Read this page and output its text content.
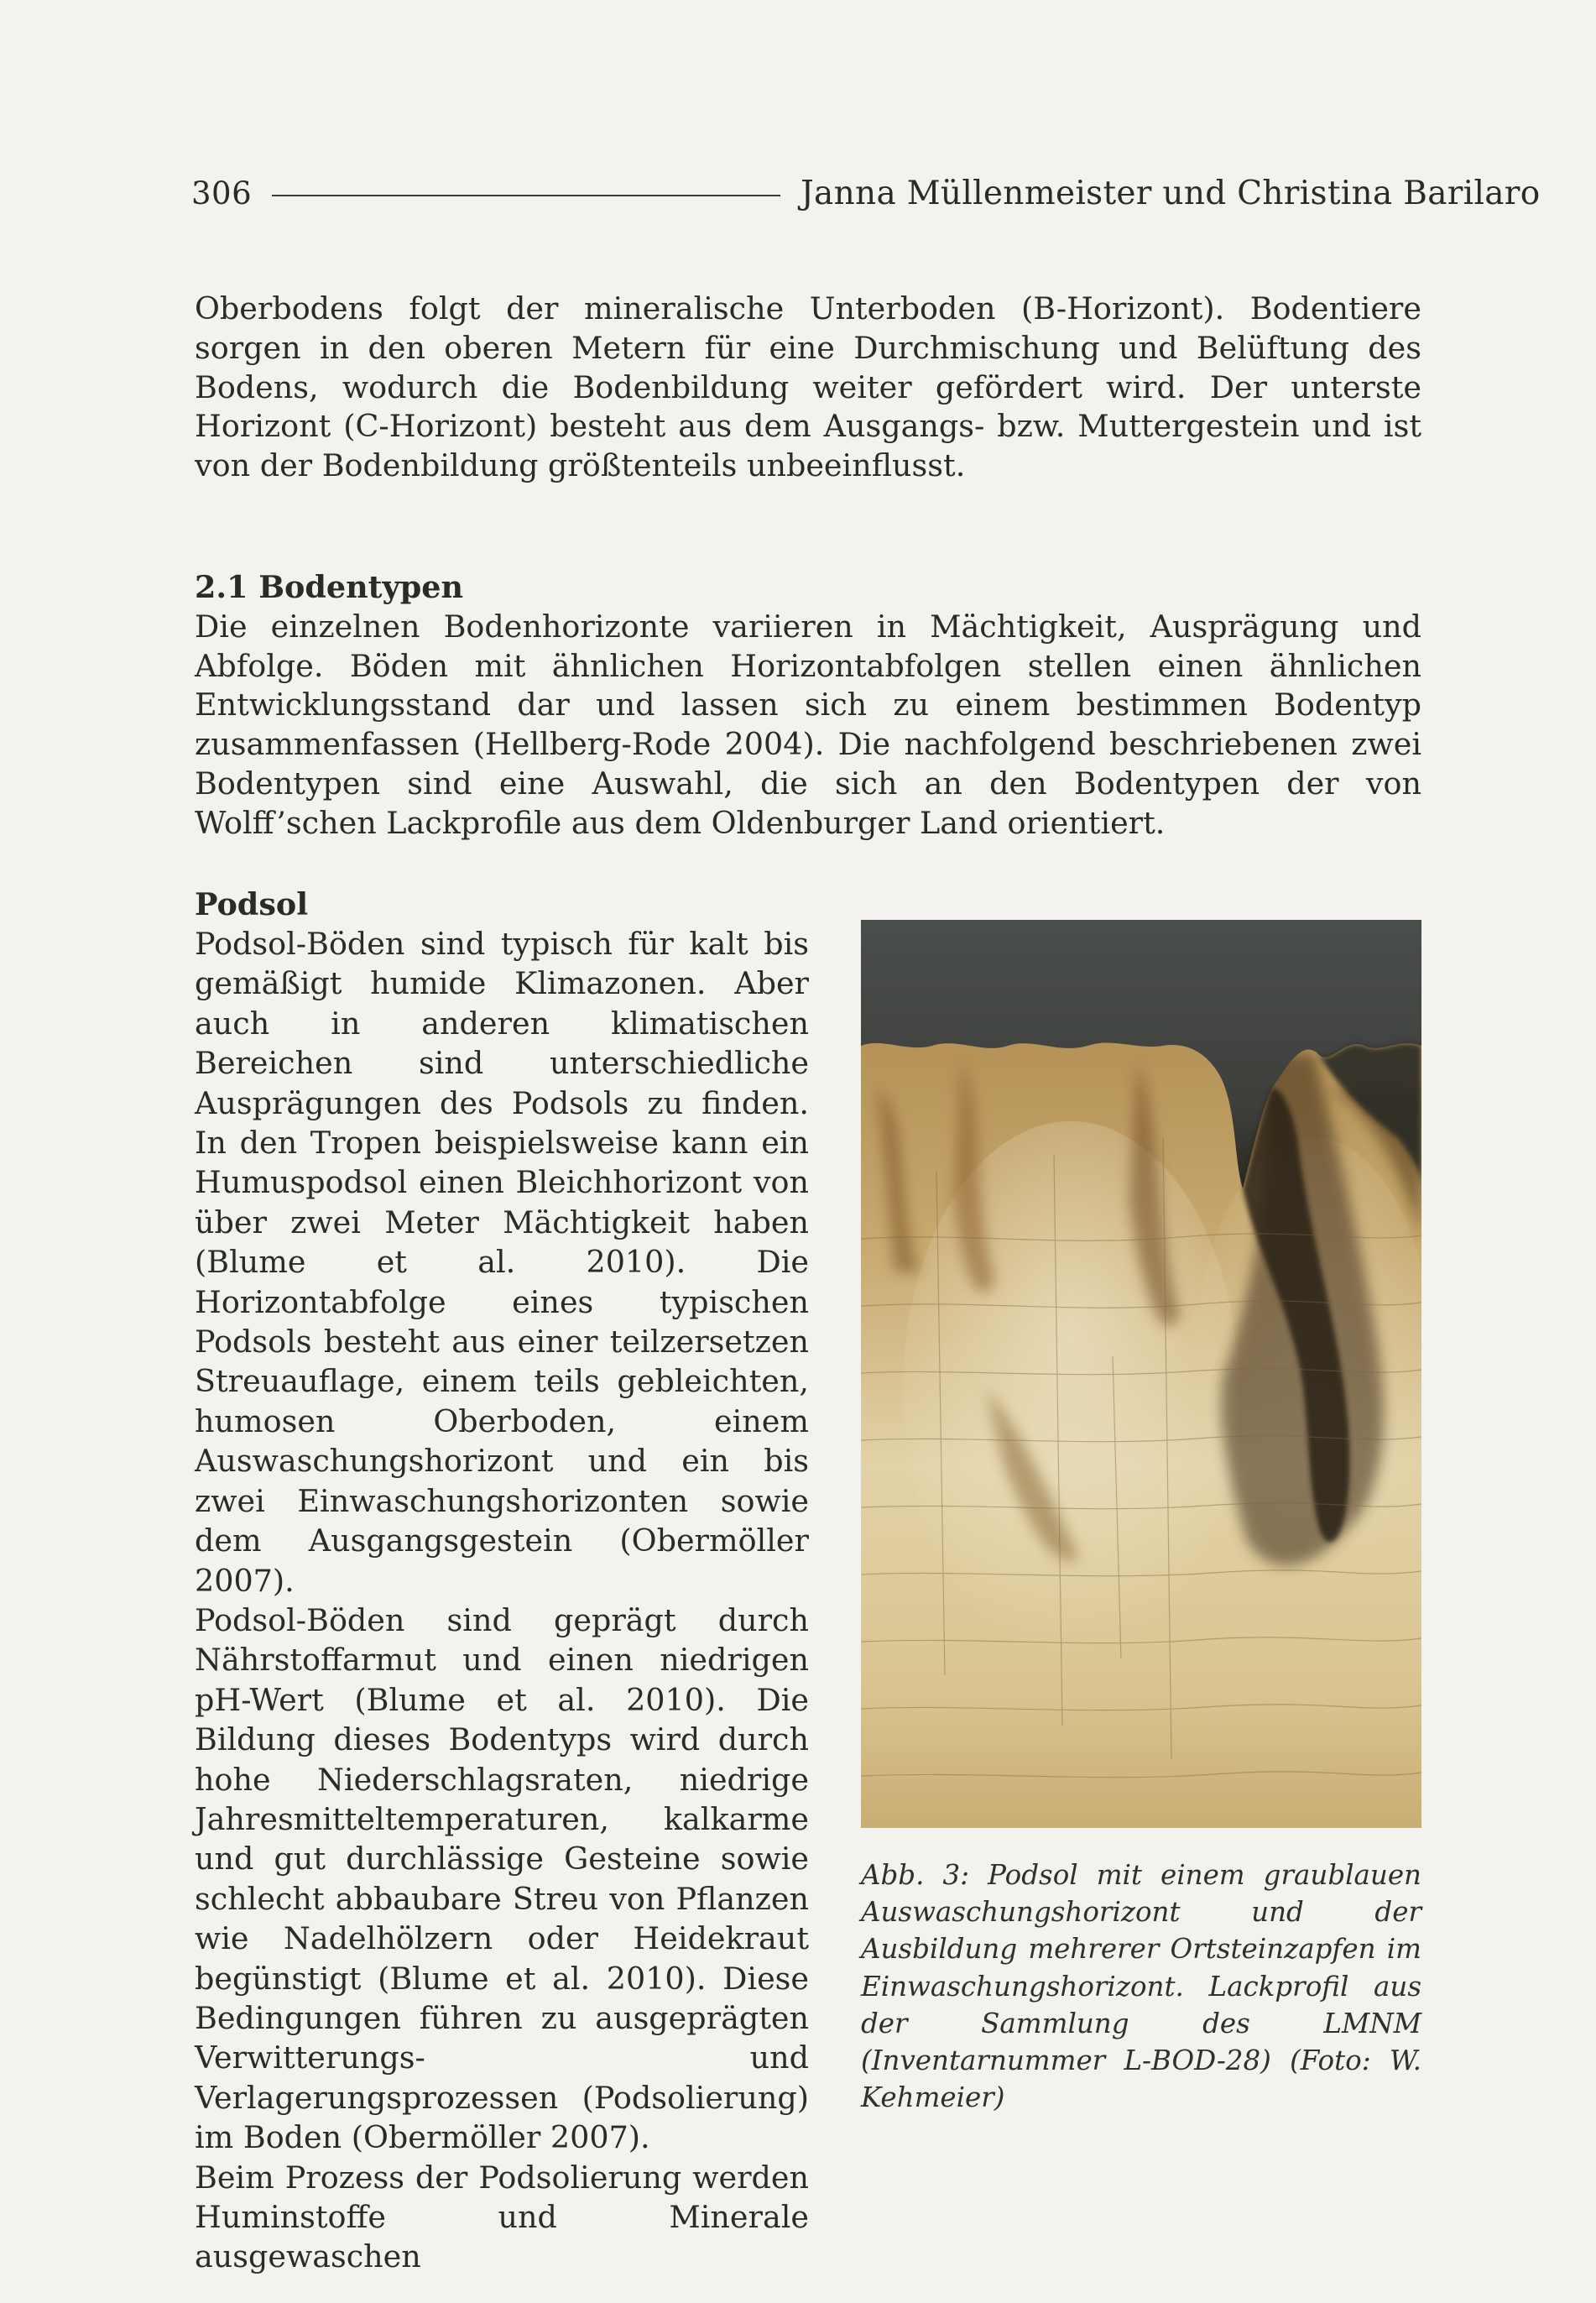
306	Janna Müllenmeister und Christina Barilaro

Oberbodens folgt der mineralische Unterboden (B-Horizont). Bodentiere sorgen in den oberen Metern für eine Durchmischung und Belüftung des Bodens, wodurch die Bodenbildung weiter gefördert wird. Der unterste Horizont (C-Horizont) besteht aus dem Ausgangs- bzw. Muttergestein und ist von der Bodenbildung größtenteils unbeeinflusst.

2.1 Bodentypen

Die einzelnen Bodenhorizonte variieren in Mächtigkeit, Ausprägung und Abfolge. Böden mit ähnlichen Horizontabfolgen stellen einen ähnlichen Entwicklungsstand dar und lassen sich zu einem bestimmen Bodentyp zusammenfassen (Hellberg-Rode 2004). Die nachfolgend beschriebenen zwei Bodentypen sind eine Auswahl, die sich an den Bodentypen der von Wolff’schen Lackprofile aus dem Oldenburger Land orientiert.

Podsol

Podsol-Böden sind typisch für kalt bis gemäßigt humide Klimazonen. Aber auch in anderen klimatischen Bereichen sind unterschiedliche Ausprägungen des Podsols zu finden. In den Tropen beispielsweise kann ein Humuspodsol einen Bleichhorizont von über zwei Meter Mächtigkeit haben (Blume et al. 2010). Die Horizontabfolge eines typischen Podsols besteht aus einer teilzersetzen Streuauflage, einem teils gebleichten, humosen Oberboden, einem Auswaschungshorizont und ein bis zwei Einwaschungshorizonten sowie dem Ausgangsgestein (Obermöller 2007).

Podsol-Böden sind geprägt durch Nährstoffarmut und einen niedrigen pH-Wert (Blume et al. 2010). Die Bildung dieses Bodentyps wird durch hohe Niederschlagsraten, niedrige Jahresmitteltemperaturen, kalkarme und gut durchlässige Gesteine sowie schlecht abbaubare Streu von Pflanzen wie Nadelhölzern oder Heidekraut begünstigt (Blume et al. 2010). Diese Bedingungen führen zu ausgeprägten Verwitterungs- und Verlagerungsprozessen (Podsolierung) im Boden (Obermöller 2007).

Beim Prozess der Podsolierung werden Huminstoffe und Minerale ausgewaschen

Abb. 3: Podsol mit einem graublauen Auswaschungshorizont und der Ausbildung mehrerer Ortsteinzapfen im Einwaschungshorizont. Lackprofil aus der Sammlung des LMNM (Inventarnummer L-BOD-28) (Foto: W. Kehmeier)
